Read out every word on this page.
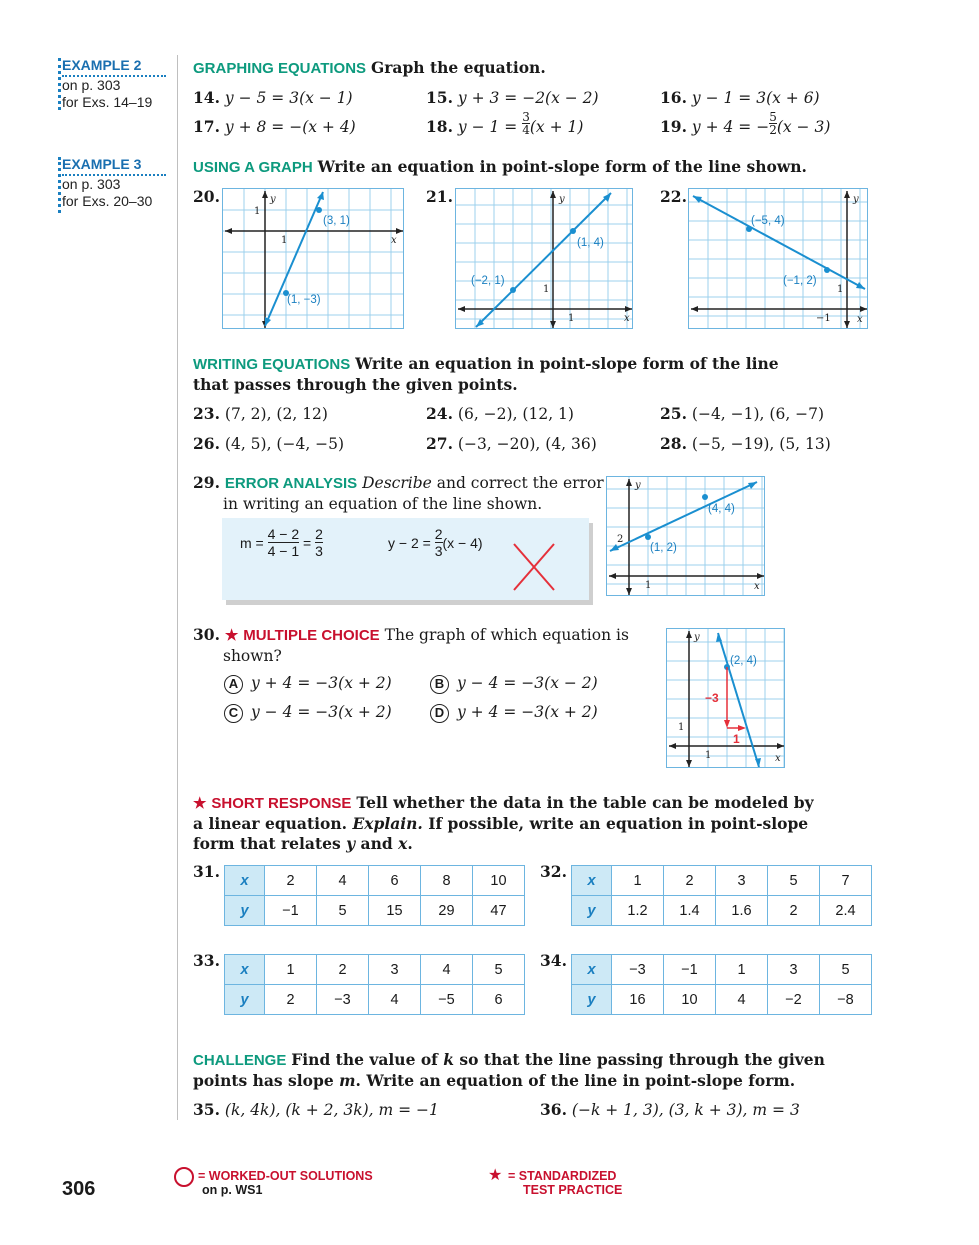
EXAMPLE 2
on p. 303
for Exs. 14–19
EXAMPLE 3
on p. 303
for Exs. 20–30
GRAPHING EQUATIONS Graph the equation.
14. y − 5 = 3(x − 1)	15. y + 3 = −2(x − 2)	16. y − 1 = 3(x + 6)
17. y + 8 = −(x + 4)	18. $y - 1 = \frac{3}{4} (x + 1)$	19. y + 4 = − $\frac{5}{2} (x - 3)$
USING A GRAPH Write an equation in point-slope form of the line shown.
20.
(3, 1)
(1, −3)
y
x
1
1
21.
(1, 4)
(−2, 1)
y
x
1
1
22.
(−5, 4)
(−1, 2)
y
x
1
−1
WRITING EQUATIONS Write an equation in point-slope form of the line
that passes through the given points.
23. (7, 2), (2, 12)	24. (6, −2), (12, 1)	25. (−4, −1), (6, −7)
26. (4, 5), (−4, −5)	27. (−3, −20), (4, 36)	28. (−5, −19), (5, 13)
29. ERROR ANALYSIS Describe and correct the error
in writing an equation of the line shown.
$m = \frac{4 - 2}{4 - 1} = \frac{2}{3}$	$y - 2 = \frac{2}{3} (x - 4)$
(4, 4)
(1, 2)
y
x
2
1
30. ★ MULTIPLE CHOICE The graph of which equation is
shown?
A y + 4 = −3(x + 2)	B y − 4 = −3(x − 2)
C y − 4 = −3(x + 2)	D y + 4 = −3(x + 2)
(2, 4)
−3
1
y
x
1
1
★ SHORT RESPONSE Tell whether the data in the table can be modeled by
a linear equation. Explain. If possible, write an equation in point-slope
form that relates y and x.
31. x	2	4	6	8	10
y	−1	5	15	29	47
32. x	1	2	3	5	7
y	1.2	1.4	1.6	2	2.4
33. x	1	2	3	4	5
y	2	−3	4	−5	6
34. x	−3	−1	1	3	5
y	16	10	4	−2	−8
CHALLENGE Find the value of k so that the line passing through the given
points has slope m. Write an equation of the line in point-slope form.
35. (k, 4k), (k + 2, 3k), m = −1	36. (−k + 1, 3), (3, k + 3), m = 3
306
= WORKED-OUT SOLUTIONS
on p. WS1
★ = STANDARDIZED
TEST PRACTICE
